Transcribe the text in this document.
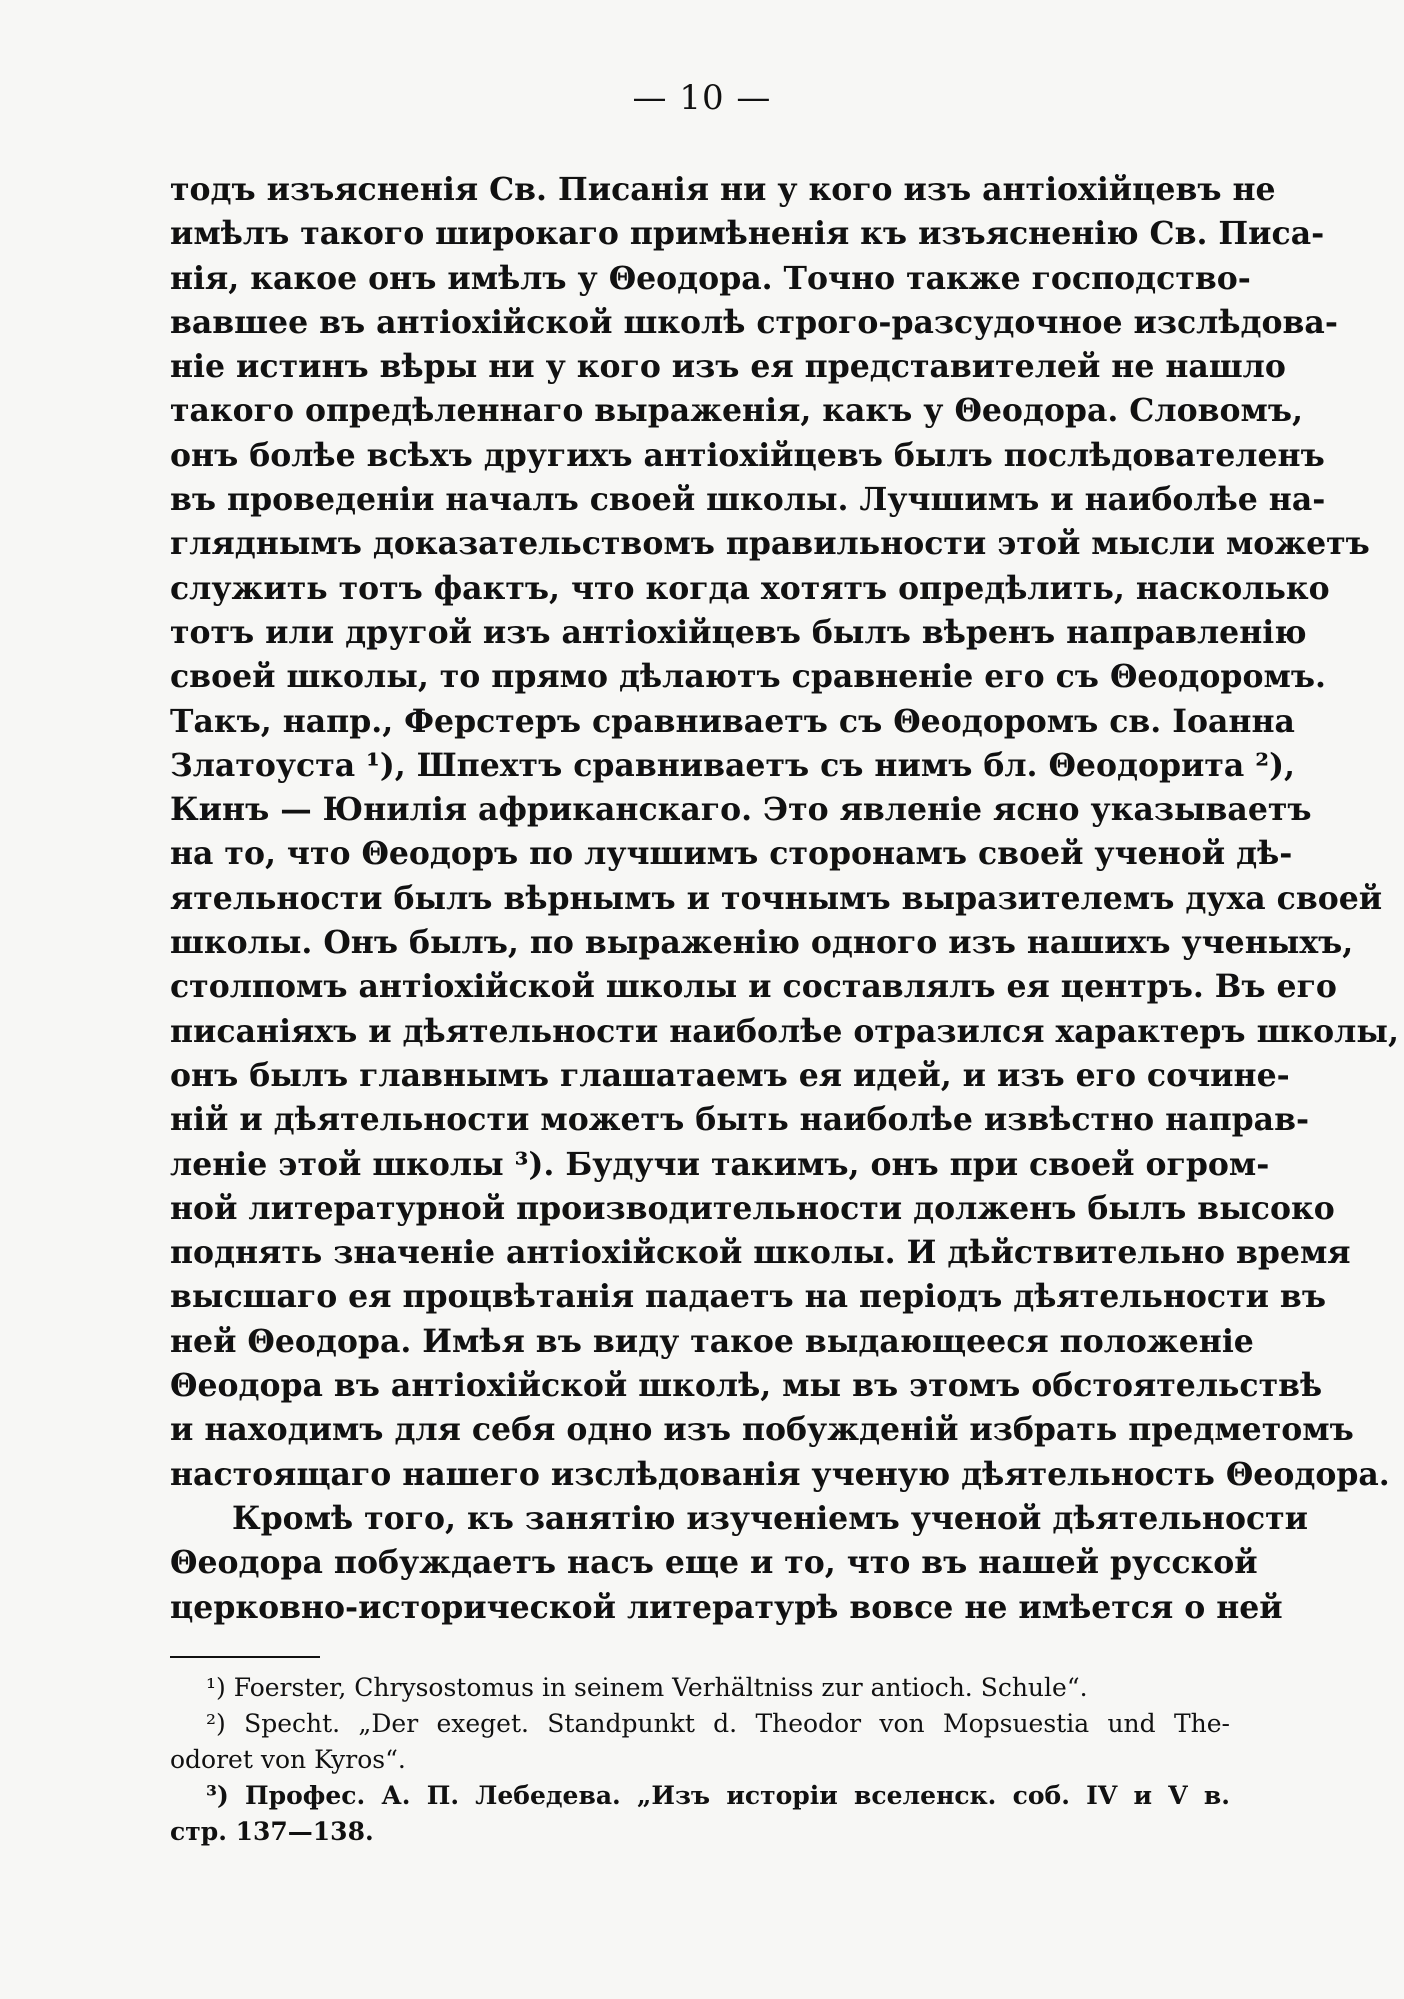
— 10 —
тодъ изъясненія Св. Писанія ни у кого изъ антіохійцевъ не
имѣлъ такого широкаго примѣненія къ изъясненію Св. Писа-
нія, какое онъ имѣлъ у Θеодора. Точно также господство-
вавшее въ антіохійской школѣ строго-разсудочное изслѣдова-
ніе истинъ вѣры ни у кого изъ ея представителей не нашло
такого опредѣленнаго выраженія, какъ у Θеодора. Словомъ,
онъ болѣе всѣхъ другихъ антіохійцевъ былъ послѣдователенъ
въ проведеніи началъ своей школы. Лучшимъ и наиболѣе на-
гляднымъ доказательствомъ правильности этой мысли можетъ
служить тотъ фактъ, что когда хотятъ опредѣлить, насколько
тотъ или другой изъ антіохійцевъ былъ вѣренъ направленію
своей школы, то прямо дѣлаютъ сравненіе его съ Θеодоромъ.
Такъ, напр., Ферстеръ сравниваетъ съ Θеодоромъ св. Іоанна
Златоуста ¹), Шпехтъ сравниваетъ съ нимъ бл. Θеодорита ²),
Кинъ — Юнилія африканскаго. Это явленіе ясно указываетъ
на то, что Θеодоръ по лучшимъ сторонамъ своей ученой дѣ-
ятельности былъ вѣрнымъ и точнымъ выразителемъ духа своей
школы. Онъ былъ, по выраженію одного изъ нашихъ ученыхъ,
столпомъ антіохійской школы и составлялъ ея центръ. Въ его
писаніяхъ и дѣятельности наиболѣе отразился характеръ школы,
онъ былъ главнымъ глашатаемъ ея идей, и изъ его сочине-
ній и дѣятельности можетъ быть наиболѣе извѣстно направ-
леніе этой школы ³). Будучи такимъ, онъ при своей огром-
ной литературной производительности долженъ былъ высоко
поднять значеніе антіохійской школы. И дѣйствительно время
высшаго ея процвѣтанія падаетъ на періодъ дѣятельности въ
ней Θеодора. Имѣя въ виду такое выдающееся положеніе
Θеодора въ антіохійской школѣ, мы въ этомъ обстоятельствѣ
и находимъ для себя одно изъ побужденій избрать предметомъ
настоящаго нашего изслѣдованія ученую дѣятельность Θеодора.
Кромѣ того, къ занятію изученіемъ ученой дѣятельности
Θеодора побуждаетъ насъ еще и то, что въ нашей русской
церковно-исторической литературѣ вовсе не имѣется о ней
¹) Foerster, Chrysostomus in seinem Verhältniss zur antioch. Schule“.
²) Specht. „Der exeget. Standpunkt d. Theodor von Mopsuestia und The-
odoret von Kyros“.
³) Профес. А. П. Лебедева. „Изъ исторіи вселенск. соб. IV и V в.
стр. 137—138.
